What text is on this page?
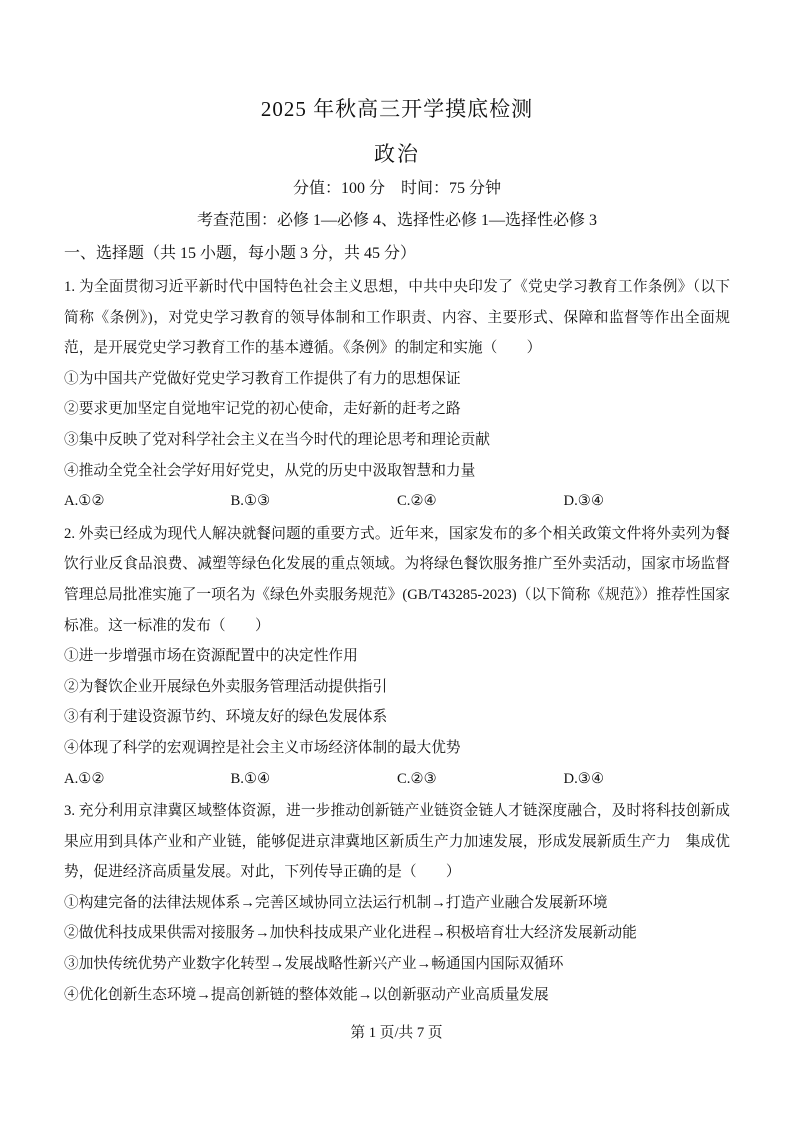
2025 年秋高三开学摸底检测
政治

分值：100 分　时间：75 分钟

考查范围：必修 1—必修 4、选择性必修 1—选择性必修 3

一、选择题（共 15 小题，每小题 3 分，共 45 分）

1. 为全面贯彻习近平新时代中国特色社会主义思想，中共中央印发了《党史学习教育工作条例》（以下简称《条例》)，对党史学习教育的领导体制和工作职责、内容、主要形式、保障和监督等作出全面规范，是开展党史学习教育工作的基本遵循。《条例》的制定和实施（　　）

①为中国共产党做好党史学习教育工作提供了有力的思想保证
②要求更加坚定自觉地牢记党的初心使命，走好新的赶考之路
③集中反映了党对科学社会主义在当今时代的理论思考和理论贡献
④推动全党全社会学好用好党史，从党的历史中汲取智慧和力量
A.①②	B.①③	C.②④	D.③④

2. 外卖已经成为现代人解决就餐问题的重要方式。近年来，国家发布的多个相关政策文件将外卖列为餐饮行业反食品浪费、减塑等绿色化发展的重点领域。为将绿色餐饮服务推广至外卖活动，国家市场监督管理总局批准实施了一项名为《绿色外卖服务规范》(GB/T43285-2023)（以下简称《规范》）推荐性国家标准。这一标准的发布（　　）

①进一步增强市场在资源配置中的决定性作用
②为餐饮企业开展绿色外卖服务管理活动提供指引
③有利于建设资源节约、环境友好的绿色发展体系
④体现了科学的宏观调控是社会主义市场经济体制的最大优势
A.①②	B.①④	C.②③	D.③④

3. 充分利用京津冀区域整体资源，进一步推动创新链产业链资金链人才链深度融合，及时将科技创新成果应用到具体产业和产业链，能够促进京津冀地区新质生产力加速发展，形成发展新质生产力　集成优势，促进经济高质量发展。对此，下列传导正确的是（　　）

①构建完备的法律法规体系→完善区域协同立法运行机制→打造产业融合发展新环境
②做优科技成果供需对接服务→加快科技成果产业化进程→积极培育壮大经济发展新动能
③加快传统优势产业数字化转型→发展战略性新兴产业→畅通国内国际双循环
④优化创新生态环境→提高创新链的整体效能→以创新驱动产业高质量发展
第 1 页/共 7 页
